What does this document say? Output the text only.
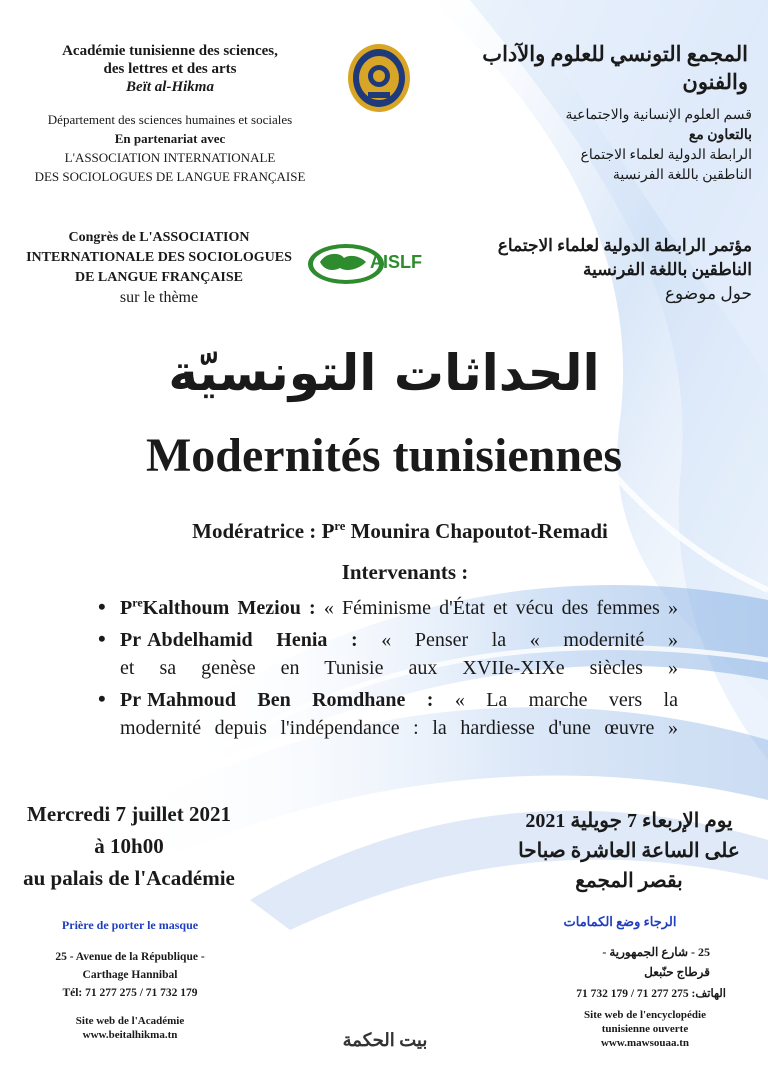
Académie tunisienne des sciences,
des lettres et des arts
Beït al-Hikma
Département des sciences humaines et sociales
En partenariat avec
L'ASSOCIATION INTERNATIONALE
DES SOCIOLOGUES DE LANGUE FRANÇAISE
المجمع التونسي للعلوم والآداب والفنون
قسم العلوم الإنسانية والاجتماعية
بالتعاون مع
الرابطة الدولية لعلماء الاجتماع
الناطقين باللغة الفرنسية
Congrès de L'ASSOCIATION
INTERNATIONALE DES SOCIOLOGUES
DE LANGUE FRANÇAISE
sur le thème
AISLF
مؤتمر الرابطة الدولية لعلماء الاجتماع
الناطقين باللغة الفرنسية
حول موضوع
الحداثات التونسيّة
Modernités tunisiennes
Modératrice : $P^{re}$ Mounira Chapoutot-Remadi
Intervenants :
• $P^{re}Kalthoum$ Meziou : « Féminisme d'État et vécu des femmes »
• Pr Abdelhamid Henia : « Penser la « modernité »
et sa genèse en Tunisie aux XVIIe-XIXe siècles »
• Pr Mahmoud Ben Romdhane : « La marche vers la
modernité depuis l'indépendance : la hardiesse d'une œuvre »
Mercredi 7 juillet 2021
à 10h00
au palais de l'Académie
يوم الإربعاء 7 جويلية 2021
على الساعة العاشرة صباحا
بقصر المجمع
Prière de porter le masque
25 - Avenue de la République -
Carthage Hannibal
Tél: 71 277 275 / 71 732 179
Site web de l'Académie
www.beitalhikma.tn
الرجاء وضع الكمامات
25 - شارع الجمهورية -
قرطاج حنّبعل
الهاتف: 275 277 71 / 179 732 71
Site web de l'encyclopédie
tunisienne ouverte
www.mawsouaa.tn
بيت الحكمة
